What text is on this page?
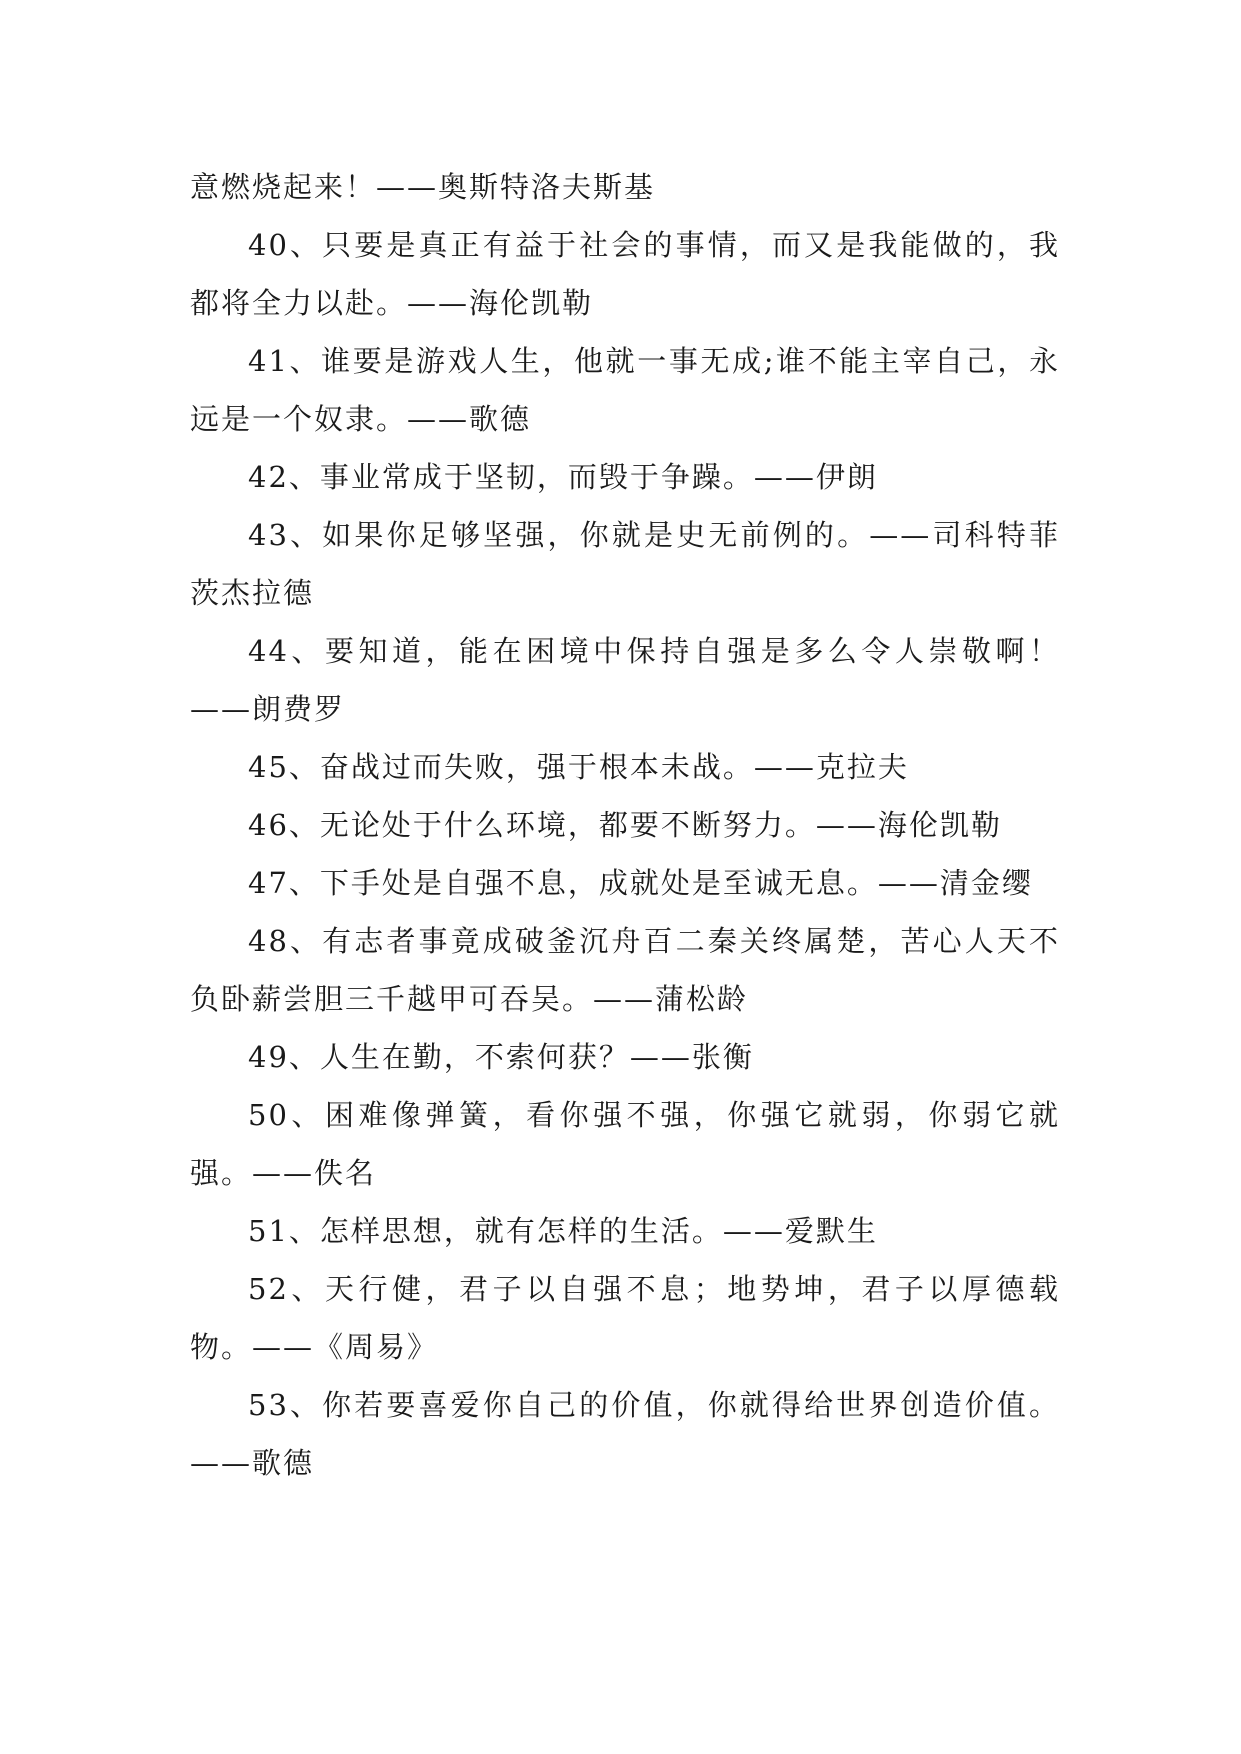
意燃烧起来！——奥斯特洛夫斯基

40、只要是真正有益于社会的事情，而又是我能做的，我都将全力以赴。——海伦凯勒

41、谁要是游戏人生，他就一事无成;谁不能主宰自己，永远是一个奴隶。——歌德

42、事业常成于坚韧，而毁于争躁。——伊朗

43、如果你足够坚强，你就是史无前例的。——司科特菲茨杰拉德

44、要知道，能在困境中保持自强是多么令人崇敬啊！——朗费罗

45、奋战过而失败，强于根本未战。——克拉夫

46、无论处于什么环境，都要不断努力。——海伦凯勒

47、下手处是自强不息，成就处是至诚无息。——清金缨

48、有志者事竟成破釜沉舟百二秦关终属楚，苦心人天不负卧薪尝胆三千越甲可吞吴。——蒲松龄

49、人生在勤，不索何获？——张衡

50、困难像弹簧，看你强不强，你强它就弱，你弱它就强。——佚名

51、怎样思想，就有怎样的生活。——爱默生

52、天行健，君子以自强不息；地势坤，君子以厚德载物。——《周易》

53、你若要喜爱你自己的价值，你就得给世界创造价值。——歌德
